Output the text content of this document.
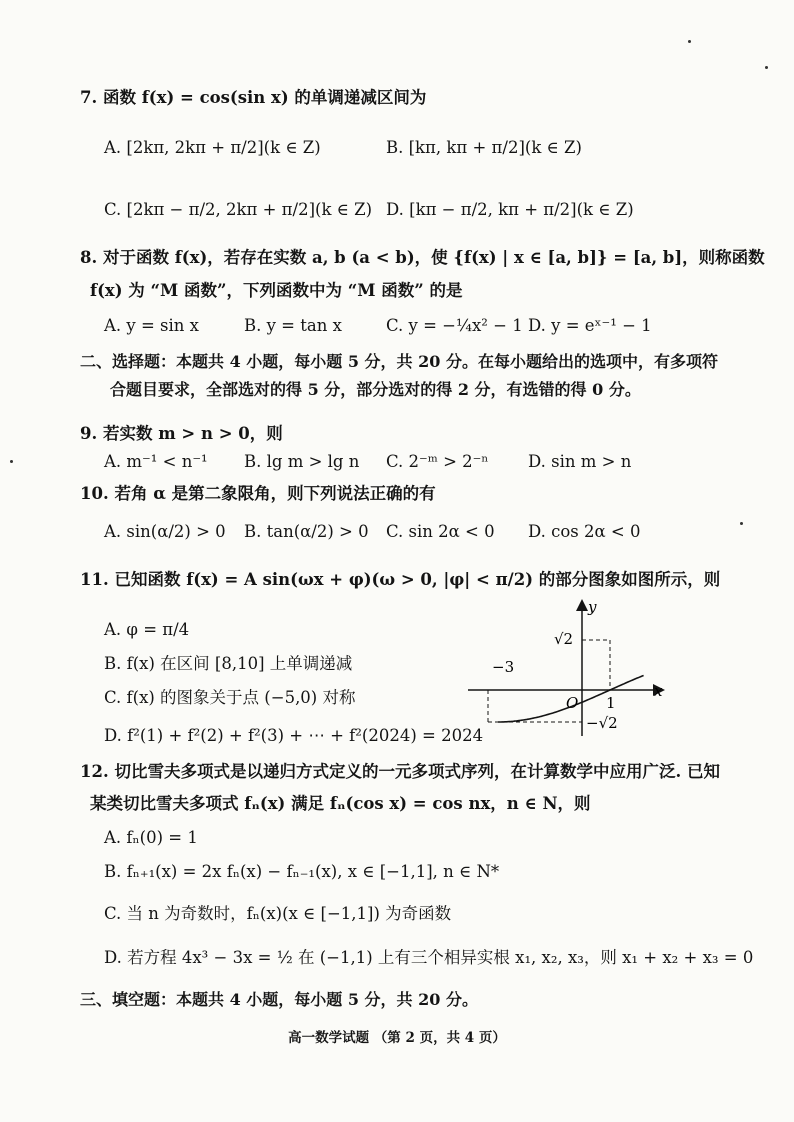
7. 函数 f(x) = cos(sin x) 的单调递减区间为
A. [2kπ, 2kπ + π/2](k ∈ Z)	B. [kπ, kπ + π/2](k ∈ Z)
C. [2kπ − π/2, 2kπ + π/2](k ∈ Z) D. [kπ − π/2, kπ + π/2](k ∈ Z)
8. 对于函数 f(x)，若存在实数 a, b (a < b)，使 {f(x) | x ∈ [a, b]} = [a, b]，则称函数
f(x) 为 “M 函数”，下列函数中为 “M 函数” 的是
A. y = sin x	B. y = tan x	C. y = −¼x² − 1 D. y = eˣ⁻¹ − 1
二、选择题：本题共 4 小题，每小题 5 分，共 20 分。在每小题给出的选项中，有多项符
合题目要求，全部选对的得 5 分，部分选对的得 2 分，有选错的得 0 分。
9. 若实数 m > n > 0，则
A. m⁻¹ < n⁻¹ B. lg m > lg n C. 2⁻ᵐ > 2⁻ⁿ D. sin m > n
10. 若角 α 是第二象限角，则下列说法正确的有
A. sin(α/2) > 0 B. tan(α/2) > 0 C. sin 2α < 0 D. cos 2α < 0
11. 已知函数 f(x) = A sin(ωx + φ)(ω > 0, |φ| < π/2) 的部分图象如图所示，则
A. φ = π/4
B. f(x) 在区间 [8,10] 上单调递减
C. f(x) 的图象关于点 (−5,0) 对称
D. f²(1) + f²(2) + f²(3) + ⋯ + f²(2024) = 2024
y
x
O
√2
−√2
−3
1
12. 切比雪夫多项式是以递归方式定义的一元多项式序列，在计算数学中应用广泛. 已知
某类切比雪夫多项式 fₙ(x) 满足 fₙ(cos x) = cos nx，n ∈ N，则
A. fₙ(0) = 1
B. fₙ₊₁(x) = 2x fₙ(x) − fₙ₋₁(x), x ∈ [−1,1], n ∈ N*
C. 当 n 为奇数时，fₙ(x)(x ∈ [−1,1]) 为奇函数
D. 若方程 4x³ − 3x = ½ 在 (−1,1) 上有三个相异实根 x₁, x₂, x₃，则 x₁ + x₂ + x₃ = 0
三、填空题：本题共 4 小题，每小题 5 分，共 20 分。
高一数学试题 （第 2 页，共 4 页）
